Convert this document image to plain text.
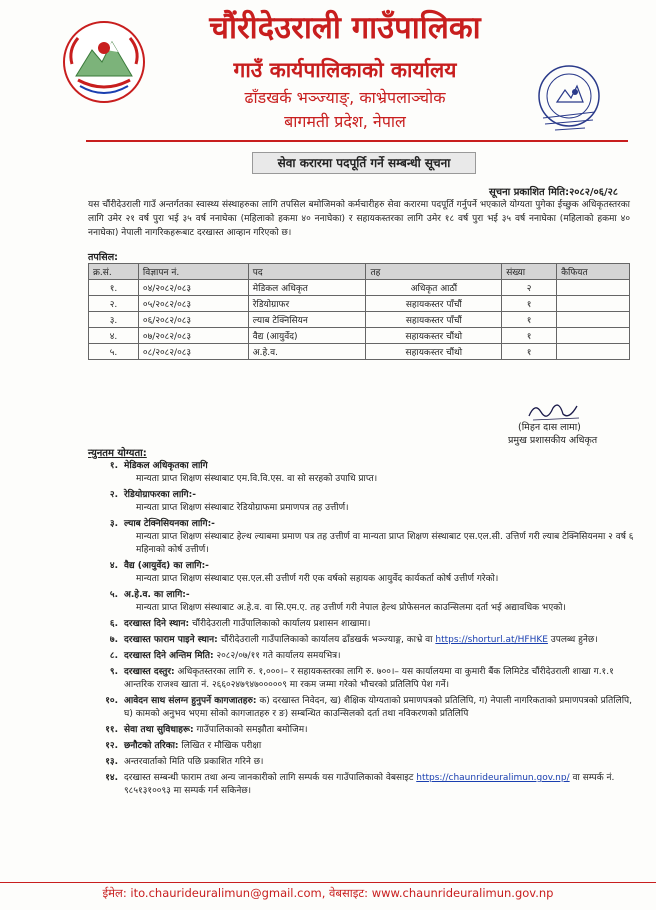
चौंरीदेउराली गाउँपालिका
गाउँ कार्यपालिकाको कार्यालय
ढाँडखर्क भञ्ज्याङ्, काभ्रेपलाञ्चोक
बागमती प्रदेश, नेपाल
सेवा करारमा पदपूर्ति गर्ने सम्बन्धी सूचना
सूचना प्रकाशित मिति:२०८२/०६/२८

यस चौंरीदेउराली गाउँ अन्तर्गतका स्वास्थ्य संस्थाहरुका लागि तपसिल बमोजिमको कर्मचारीहरु सेवा करारमा पदपूर्ति गर्नुपर्ने भएकाले योग्यता पुगेका ईच्छुक अधिकृतस्तरका लागि उमेर २१ वर्ष पुरा भई ३५ वर्ष ननाघेका (महिलाको हकमा ४० ननाघेका) र सहायकस्तरका लागि उमेर १८ वर्ष पुरा भई ३५ वर्ष ननाघेका (महिलाको हकमा ४० ननाघेका) नेपाली नागरिकहरूबाट दरखास्त आव्हान गरिएको छ।

तपसिल:
क्र.सं.	विज्ञापन नं.	पद	तह	संख्या	कैफियत
१.	०४/२०८२/०८३	मेडिकल अधिकृत	अधिकृत आठौं	२	
२.	०५/२०८२/०८३	रेडियोग्राफर	सहायकस्तर पाँचौं	१	
३.	०६/२०८२/०८३	ल्याब टेक्निसियन	सहायकस्तर पाँचौं	१	
४.	०७/२०८२/०८३	वैद्य (आयुर्वेद)	सहायकस्तर चौंथो	१	
५.	०८/२०८२/०८३	अ.हे.व.	सहायकस्तर चौंथो	१	
(मिहन दास लामा)
प्रमुख प्रशासकीय अधिकृत
न्युनतम योग्यता:
१. मेडिकल अधिकृतका लागि
मान्यता प्राप्त शिक्षण संस्थाबाट एम.वि.वि.एस. वा सो सरहको उपाधि प्राप्त।
२. रेडियोग्राफरका लागि:-
मान्यता प्राप्त शिक्षण संस्थाबाट रेडियोग्राफमा प्रमाणपत्र तह उत्तीर्ण।
३. ल्याब टेक्निसियनका लागि:-
मान्यता प्राप्त शिक्षण संस्थाबाट हेल्थ ल्याबमा प्रमाण पत्र तह उत्तीर्ण वा मान्यता प्राप्त शिक्षण संस्थाबाट एस.एल.सी. उत्तिर्ण गरी ल्याब टेक्निसियनमा २ वर्ष ६ महिनाको कोर्ष उत्तीर्ण।
४. वैद्य (आयुर्वेद) का लागि:-
मान्यता प्राप्त शिक्षण संस्थाबाट एस.एल.सी उत्तीर्ण गरी एक वर्षको सहायक आयुर्वेद कार्यकर्ता कोर्ष उत्तीर्ण गरेको।
५. अ.हे.व. का लागि:-
मान्यता प्राप्त शिक्षण संस्थाबाट अ.हे.व. वा सि.एम.ए. तह उत्तीर्ण गरी नेपाल हेल्थ प्रोफेसनल काउन्सिलमा दर्ता भई अद्यावधिक भएको।
६. दरखास्त दिने स्थान: चौंरीदेउराली गाउँपालिकाको कार्यालय प्रशासन शाखामा।
७. दरखास्त फाराम पाइने स्थान: चौंरीदेउराली गाउँपालिकाको कार्यालय ढाँडखर्क भञ्ज्याङ्ग, काभ्रे वा https://shorturl.at/HFHKE उपलब्ध हुनेछ।
८. दरखास्त दिने अन्तिम मिति: २०८२/०७/११ गते कार्यालय समयभित्र।
९. दरखास्त दस्तुर: अधिकृतस्तरका लागि रु. १,०००।– र सहायकस्तरका लागि रु. ७००।– यस कार्यालयमा वा कुमारी बैंक लिमिटेड चौंरीदेउराली शाखा ग.१.१ आन्तरिक राजश्व खाता नं. २६६०२४७९४७०००००९ मा रकम जम्मा गरेको भौचरको प्रतिलिपि पेश गर्ने।
१०. आवेदन साथ संलग्न हुनुपर्ने कागजातहरु: क) दरखास्त निवेदन, ख) शैक्षिक योग्यताको प्रमाणपत्रको प्रतिलिपि, ग) नेपाली नागरिकताको प्रमाणपत्रको प्रतिलिपि, घ) कामको अनुभव भएमा सोको कागजातहरु र ङ) सम्बन्धित काउन्सिलको दर्ता तथा नविकरणको प्रतिलिपि
११. सेवा तथा सुविधाहरू: गाउँपालिकाको समझौता बमोजिम।
१२. छनौटको तरिका: लिखित र मौखिक परीक्षा
१३. अन्तरवार्ताको मिति पछि प्रकाशित गरिने छ।
१४. दरखास्त सम्बन्धी फाराम तथा अन्य जानकारीको लागि सम्पर्क यस गाउँपालिकाको वेबसाइट https://chaunrideuralimun.gov.np/ वा सम्पर्क नं. ९८५१३१००९३ मा सम्पर्क गर्न सकिनेछ।
ईमेल: ito.chaurideuralimun@gmail.com, वेबसाइट: www.chaunrideuralimun.gov.np
